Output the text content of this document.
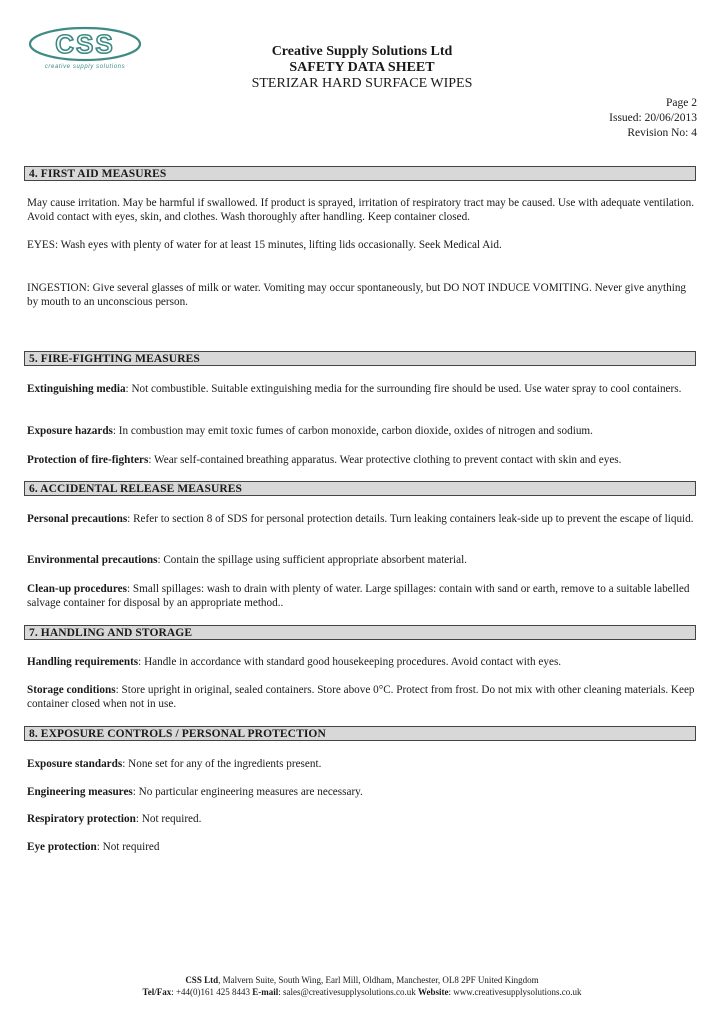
CSS
creative supply solutions
Creative Supply Solutions Ltd
SAFETY DATA SHEET
STERIZAR HARD SURFACE WIPES
Page 2
Issued: 20/06/2013
Revision No: 4
4. FIRST AID MEASURES
May cause irritation. May be harmful if swallowed. If product is sprayed, irritation of respiratory tract may be caused. Use with adequate ventilation. Avoid contact with eyes, skin, and clothes. Wash thoroughly after handling. Keep container closed.
EYES: Wash eyes with plenty of water for at least 15 minutes, lifting lids occasionally. Seek Medical Aid.
INGESTION: Give several glasses of milk or water. Vomiting may occur spontaneously, but DO NOT INDUCE VOMITING. Never give anything by mouth to an unconscious person.
5. FIRE-FIGHTING MEASURES
Extinguishing media: Not combustible. Suitable extinguishing media for the surrounding fire should be used. Use water spray to cool containers.
Exposure hazards: In combustion may emit toxic fumes of carbon monoxide, carbon dioxide, oxides of nitrogen and sodium.
Protection of fire-fighters: Wear self-contained breathing apparatus. Wear protective clothing to prevent contact with skin and eyes.
6. ACCIDENTAL RELEASE MEASURES
Personal precautions: Refer to section 8 of SDS for personal protection details. Turn leaking containers leak-side up to prevent the escape of liquid.
Environmental precautions: Contain the spillage using sufficient appropriate absorbent material.
Clean-up procedures: Small spillages: wash to drain with plenty of water. Large spillages: contain with sand or earth, remove to a suitable labelled salvage container for disposal by an appropriate method..
7. HANDLING AND STORAGE
Handling requirements: Handle in accordance with standard good housekeeping procedures. Avoid contact with eyes.
Storage conditions: Store upright in original, sealed containers. Store above 0°C. Protect from frost. Do not mix with other cleaning materials. Keep container closed when not in use.
8. EXPOSURE CONTROLS / PERSONAL PROTECTION
Exposure standards: None set for any of the ingredients present.
Engineering measures: No particular engineering measures are necessary.
Respiratory protection: Not required.
Eye protection: Not required
CSS Ltd, Malvern Suite, South Wing, Earl Mill, Oldham, Manchester, OL8 2PF United Kingdom
Tel/Fax: +44(0)161 425 8443 E-mail: sales@creativesupplysolutions.co.uk Website: www.creativesupplysolutions.co.uk
